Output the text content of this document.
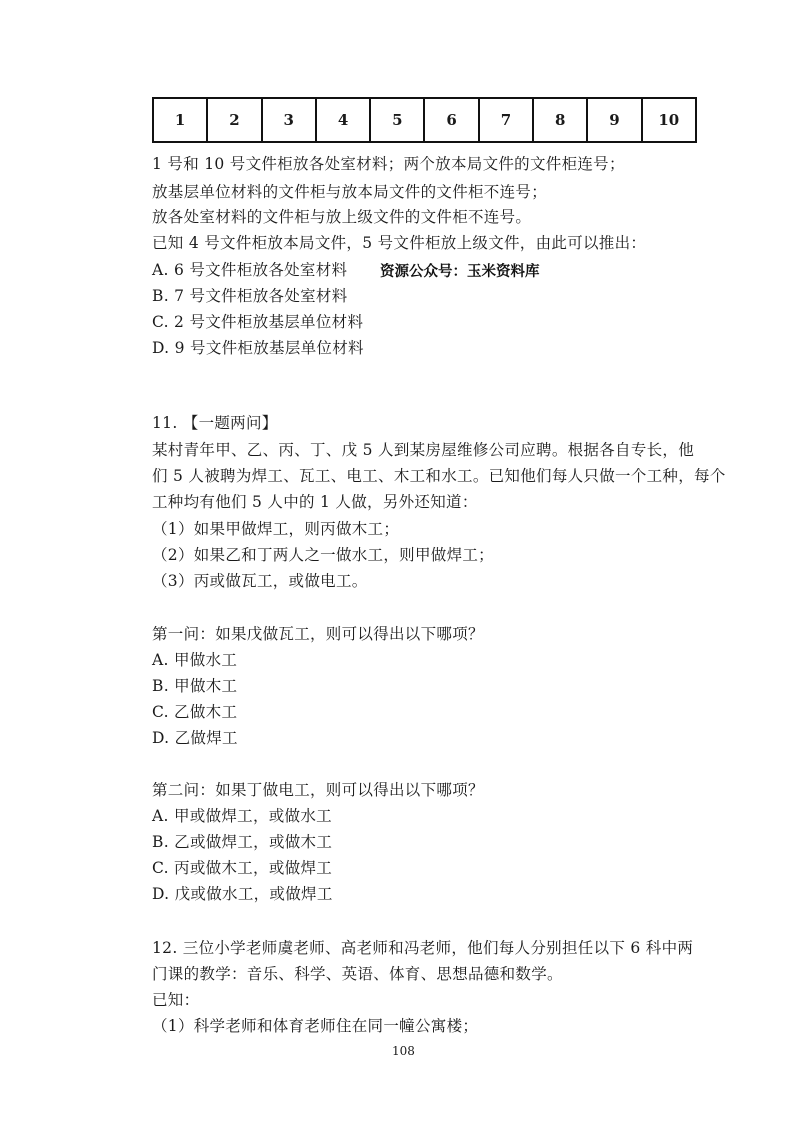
1	2	3	4	5	6	7	8	9	10
1 号和 10 号文件柜放各处室材料；两个放本局文件的文件柜连号；
放基层单位材料的文件柜与放本局文件的文件柜不连号；
放各处室材料的文件柜与放上级文件的文件柜不连号。
已知 4 号文件柜放本局文件，5 号文件柜放上级文件，由此可以推出：
A. 6 号文件柜放各处室材料 资源公众号：玉米资料库
B. 7 号文件柜放各处室材料
C. 2 号文件柜放基层单位材料
D. 9 号文件柜放基层单位材料
11. 【一题两问】
某村青年甲、乙、丙、丁、戊 5 人到某房屋维修公司应聘。根据各自专长，他
们 5 人被聘为焊工、瓦工、电工、木工和水工。已知他们每人只做一个工种，每个
工种均有他们 5 人中的 1 人做，另外还知道：
（1）如果甲做焊工，则丙做木工；
（2）如果乙和丁两人之一做水工，则甲做焊工；
（3）丙或做瓦工，或做电工。
第一问：如果戊做瓦工，则可以得出以下哪项？
A. 甲做水工
B. 甲做木工
C. 乙做木工
D. 乙做焊工
第二问：如果丁做电工，则可以得出以下哪项？
A. 甲或做焊工，或做水工
B. 乙或做焊工，或做木工
C. 丙或做木工，或做焊工
D. 戊或做水工，或做焊工
12. 三位小学老师虞老师、高老师和冯老师，他们每人分别担任以下 6 科中两
门课的教学：音乐、科学、英语、体育、思想品德和数学。
已知：
（1）科学老师和体育老师住在同一幢公寓楼；
108
